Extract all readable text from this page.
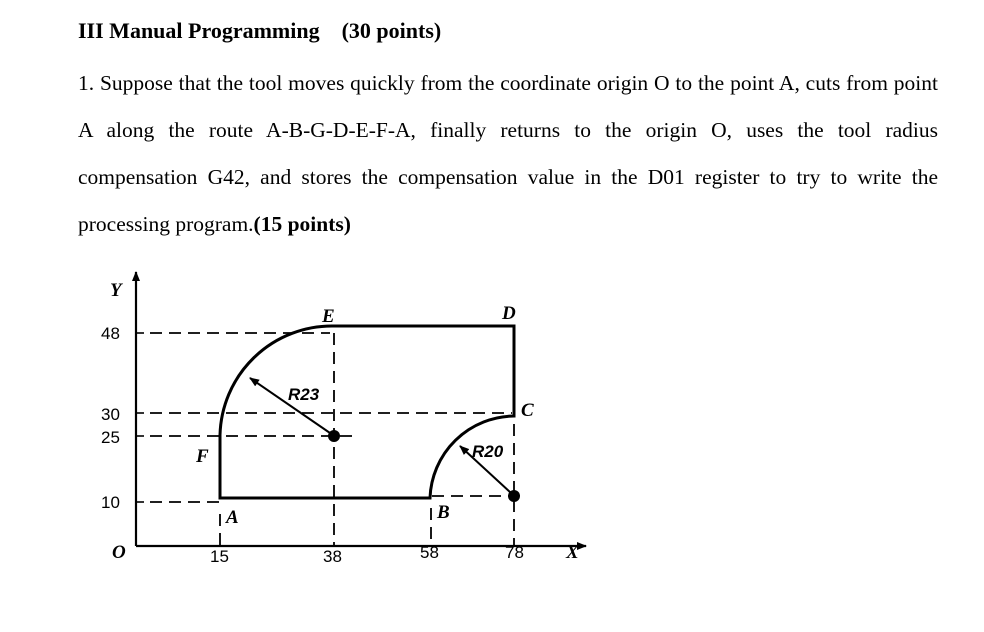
III Manual Programming (30 points)
1. Suppose that the tool moves quickly from the coordinate origin O to the point A, cuts from point A along the route A-B-G-D-E-F-A, finally returns to the origin O, uses the tool radius compensation G42, and stores the compensation value in the D01 register to try to write the processing program.(15 points)
Y
X
O
48
30
25
10
15	38	58	78
A	B
C
D
E
F
R23
R20
